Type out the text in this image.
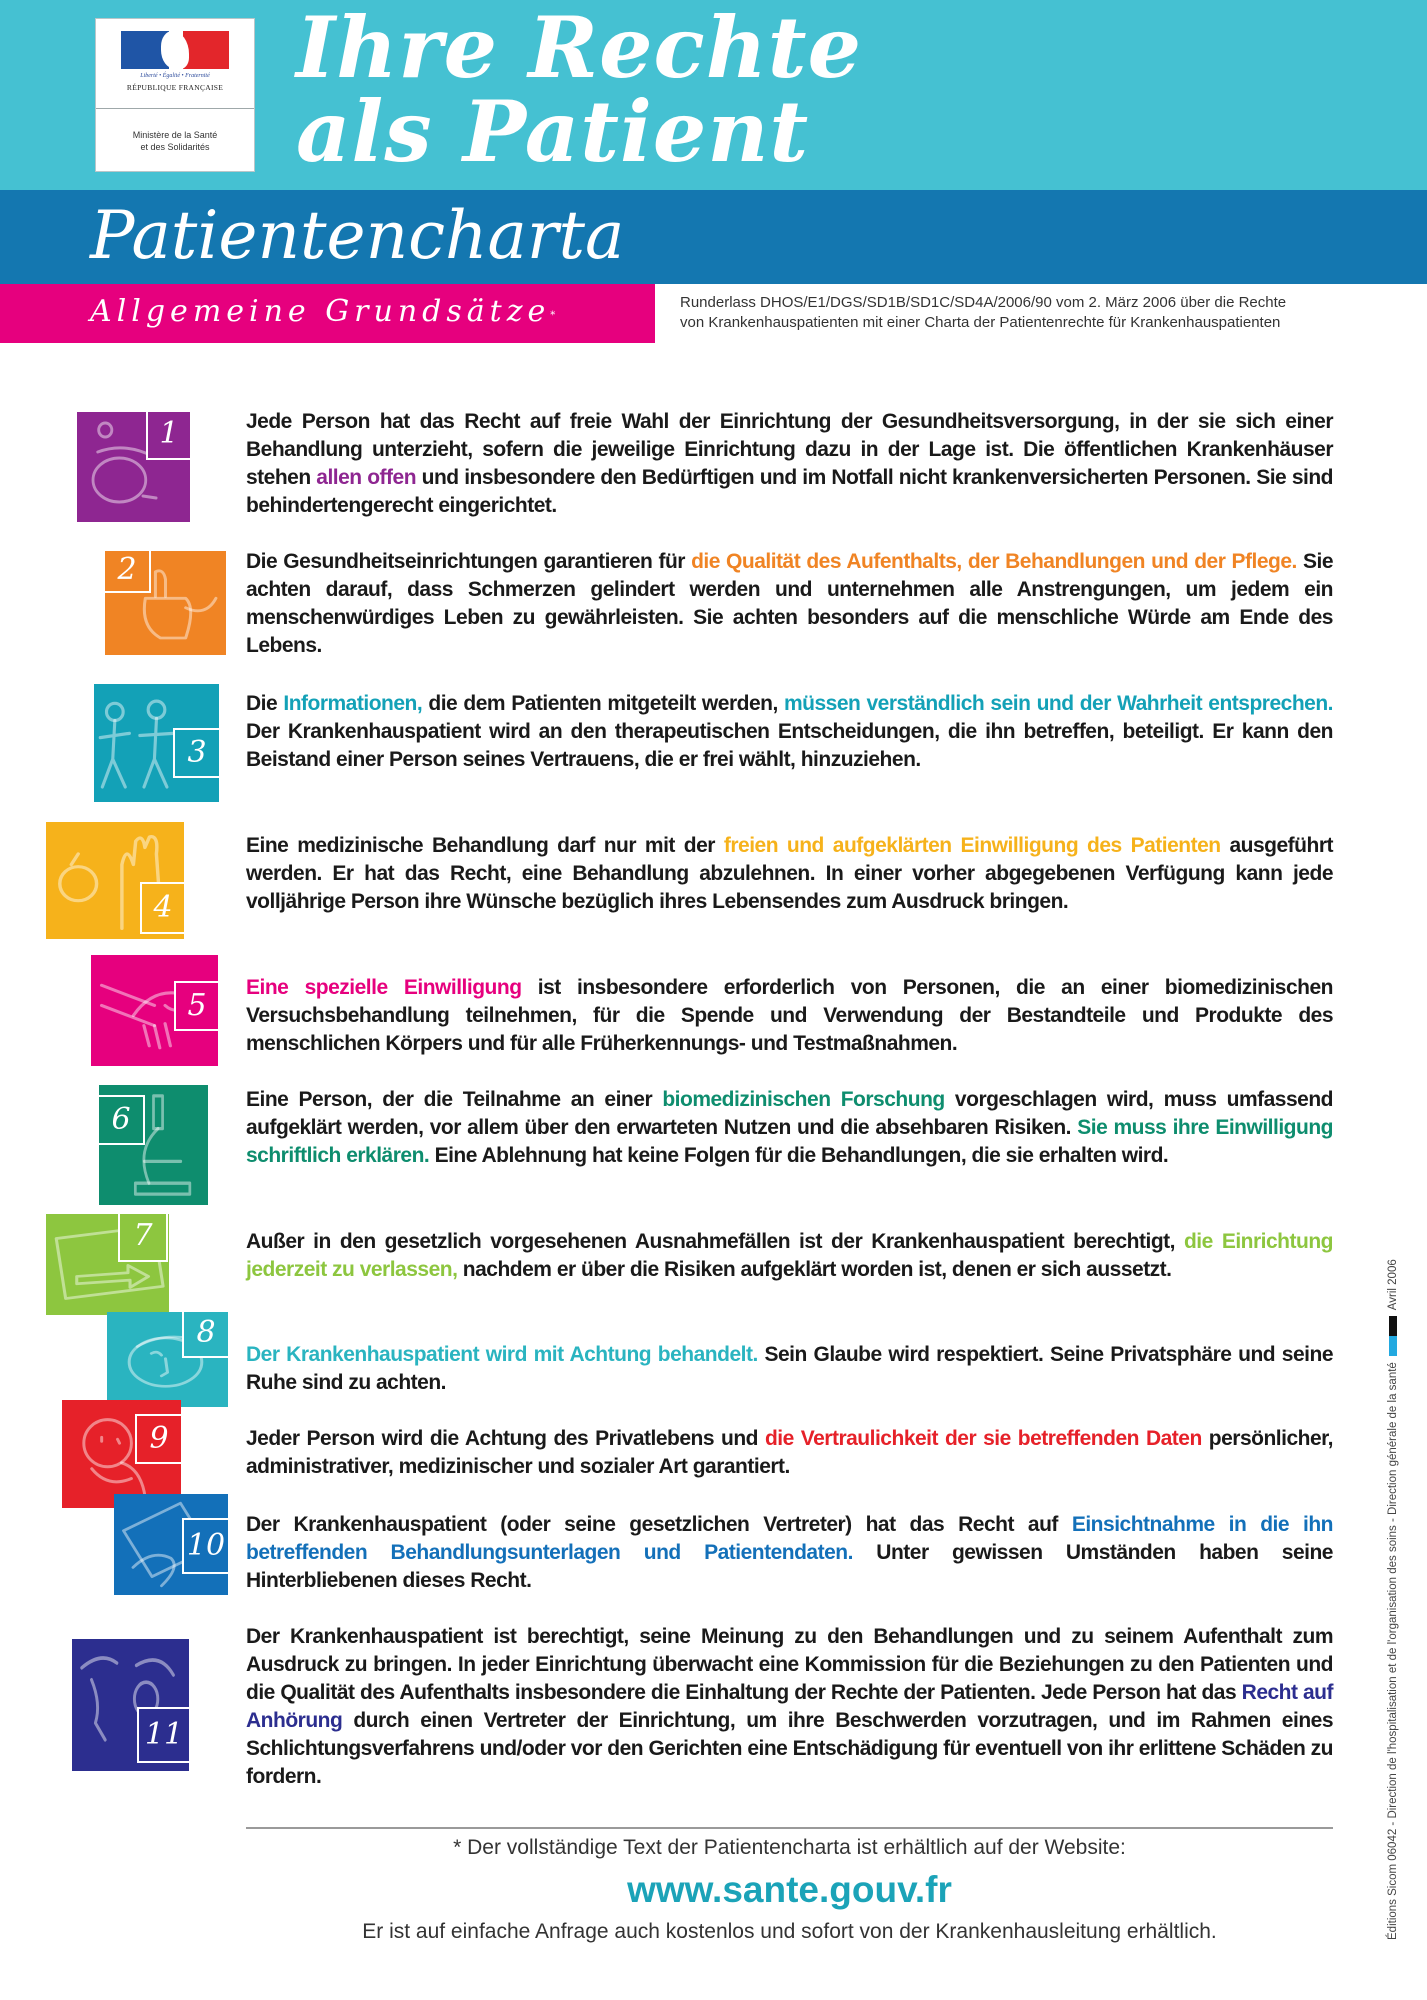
Liberté • Égalité • Fraternité
RÉPUBLIQUE FRANÇAISE
Ministère de la Santé
et des Solidarités
Ihre Rechte
als Patient
Patientencharta
Allgemeine Grundsätze*
Runderlass DHOS/E1/DGS/SD1B/SD1C/SD4A/2006/90 vom 2. März 2006 über die Rechte
von Krankenhauspatienten mit einer Charta der Patientenrechte für Krankenhauspatienten
1	Jede Person hat das Recht auf freie Wahl der Einrichtung der Gesundheitsversorgung, in der sie sich einer Behandlung unterzieht, sofern die jeweilige Einrichtung dazu in der Lage ist. Die öffentlichen Krankenhäuser stehen allen offen und insbesondere den Bedürftigen und im Notfall nicht krankenversicherten Personen. Sie sind behindertengerecht eingerichtet.
2	Die Gesundheitseinrichtungen garantieren für die Qualität des Aufenthalts, der Behandlungen und der Pflege. Sie achten darauf, dass Schmerzen gelindert werden und unternehmen alle Anstrengungen, um jedem ein menschenwürdiges Leben zu gewährleisten. Sie achten besonders auf die menschliche Würde am Ende des Lebens.
3
Die Informationen, die dem Patienten mitgeteilt werden, müssen verständlich sein und der Wahrheit entsprechen. Der Krankenhauspatient wird an den therapeutischen Entscheidungen, die ihn betreffen, beteiligt. Er kann den Beistand einer Person seines Vertrauens, die er frei wählt, hinzuziehen.
4
Eine medizinische Behandlung darf nur mit der freien und aufgeklärten Einwilligung des Patienten ausgeführt werden. Er hat das Recht, eine Behandlung abzulehnen. In einer vorher abgegebenen Verfügung kann jede volljährige Person ihre Wünsche bezüglich ihres Lebensendes zum Ausdruck bringen.
5
Eine spezielle Einwilligung ist insbesondere erforderlich von Personen, die an einer biomedizinischen Versuchsbehandlung teilnehmen, für die Spende und Verwendung der Bestandteile und Produkte des menschlichen Körpers und für alle Früherkennungs- und Testmaßnahmen.
6
Eine Person, der die Teilnahme an einer biomedizinischen Forschung vorgeschlagen wird, muss umfassend aufgeklärt werden, vor allem über den erwarteten Nutzen und die absehbaren Risiken. Sie muss ihre Einwilligung schriftlich erklären. Eine Ablehnung hat keine Folgen für die Behandlungen, die sie erhalten wird.
7	Außer in den gesetzlich vorgesehenen Ausnahmefällen ist der Krankenhauspatient berechtigt, die Einrichtung jederzeit zu verlassen, nachdem er über die Risiken aufgeklärt worden ist, denen er sich aussetzt.
8
Der Krankenhauspatient wird mit Achtung behandelt. Sein Glaube wird respektiert. Seine Privatsphäre und seine Ruhe sind zu achten.
9	Jeder Person wird die Achtung des Privatlebens und die Vertraulichkeit der sie betreffenden Daten persönlicher, administrativer, medizinischer und sozialer Art garantiert.
10
Der Krankenhauspatient (oder seine gesetzlichen Vertreter) hat das Recht auf Einsichtnahme in die ihn betreffenden Behandlungsunterlagen und Patientendaten. Unter gewissen Umständen haben seine Hinterbliebenen dieses Recht.
11
Der Krankenhauspatient ist berechtigt, seine Meinung zu den Behandlungen und zu seinem Aufenthalt zum Ausdruck zu bringen. In jeder Einrichtung überwacht eine Kommission für die Beziehungen zu den Patienten und die Qualität des Aufenthalts insbesondere die Einhaltung der Rechte der Patienten. Jede Person hat das Recht auf Anhörung durch einen Vertreter der Einrichtung, um ihre Beschwerden vorzutragen, und im Rahmen eines Schlichtungsverfahrens und/oder vor den Gerichten eine Entschädigung für eventuell von ihr erlittene Schäden zu fordern.
* Der vollständige Text der Patientencharta ist erhältlich auf der Website:
www.sante.gouv.fr
Er ist auf einfache Anfrage auch kostenlos und sofort von der Krankenhausleitung erhältlich.	Éditions Sicom 06042 - Direction de l'hospitalisation et de l'organisation des soins - Direction générale de la santéAvril 2006
